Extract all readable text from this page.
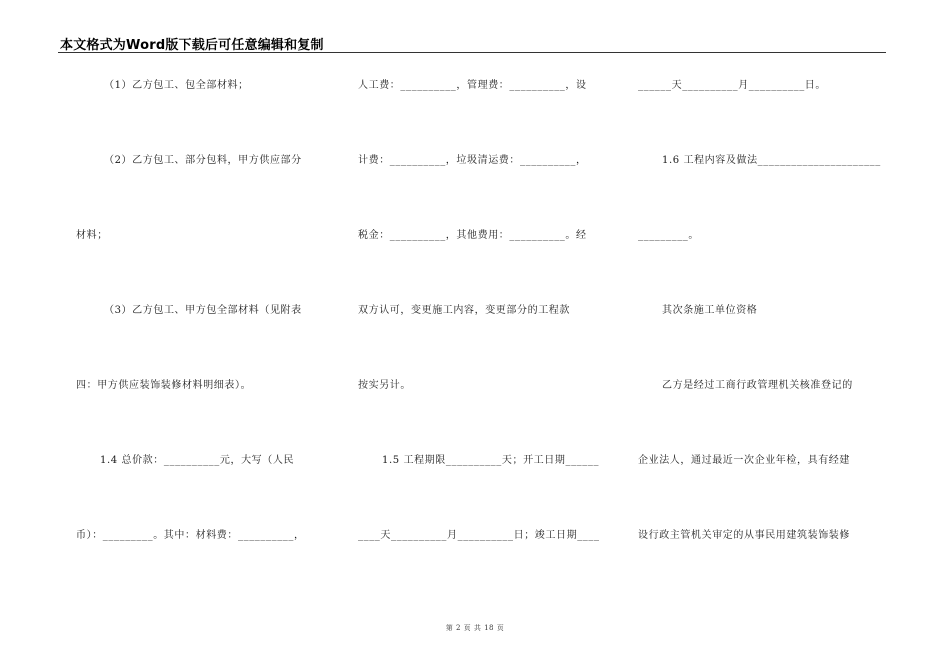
本文格式为Word版下载后可任意编辑和复制
（1）乙方包工、包全部材料；
（2）乙方包工、部分包料，甲方供应部分
材料；
（3）乙方包工、甲方包全部材料（见附表
四：甲方供应装饰装修材料明细表）。
1.4 总价款：__________元，大写（人民
币）：_________。其中：材料费：__________，
人工费：__________，管理费：__________，设
计费：__________，垃圾清运费：__________，
税金：__________，其他费用：__________。经
双方认可，变更施工内容，变更部分的工程款
按实另计。
1.5 工程期限__________天；开工日期______
____天__________月__________日；竣工日期____
______天__________月__________日。
1.6 工程内容及做法______________________
_________。
其次条施工单位资格
乙方是经过工商行政管理机关核准登记的
企业法人，通过最近一次企业年检，具有经建
设行政主管机关审定的从事民用建筑装饰装修
第 2 页 共 18 页
